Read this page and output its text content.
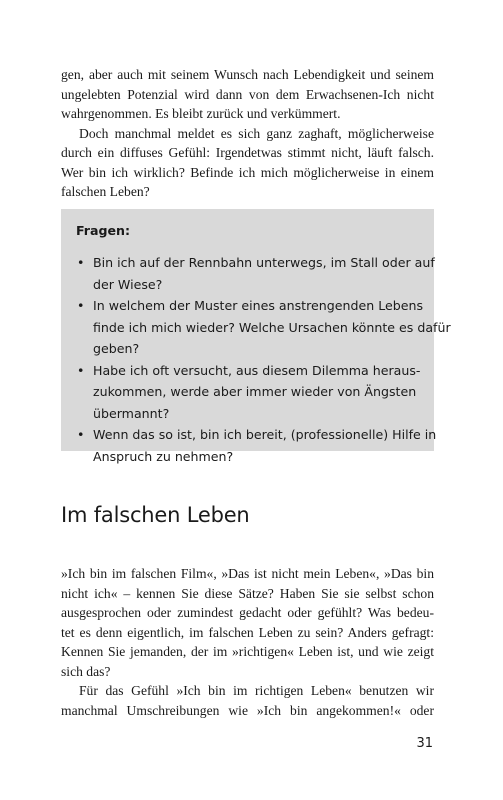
gen, aber auch mit seinem Wunsch nach Lebendigkeit und seinem
ungelebten Potenzial wird dann von dem Erwachsenen-Ich nicht
wahrgenommen. Es bleibt zurück und verkümmert.

Doch manchmal meldet es sich ganz zaghaft, möglicherweise
durch ein diffuses Gefühl: Irgendetwas stimmt nicht, läuft falsch.
Wer bin ich wirklich? Befinde ich mich möglicherweise in einem
falschen Leben?

Fragen:
• Bin ich auf der Rennbahn unterwegs, im Stall oder auf
der Wiese?
• In welchem der Muster eines anstrengenden Lebens
finde ich mich wieder? Welche Ursachen könnte es dafür
geben?
• Habe ich oft versucht, aus diesem Dilemma heraus-
zukommen, werde aber immer wieder von Ängsten
übermannt?
• Wenn das so ist, bin ich bereit, (professionelle) Hilfe in
Anspruch zu nehmen?
Im falschen Leben

»Ich bin im falschen Film«, »Das ist nicht mein Leben«, »Das bin
nicht ich« – kennen Sie diese Sätze? Haben Sie sie selbst schon
ausgesprochen oder zumindest gedacht oder gefühlt? Was bedeu-
tet es denn eigentlich, im falschen Leben zu sein? Anders gefragt:
Kennen Sie jemanden, der im »richtigen« Leben ist, und wie zeigt
sich das?

Für das Gefühl »Ich bin im richtigen Leben« benutzen wir
manchmal Umschreibungen wie »Ich bin angekommen!« oder

31
